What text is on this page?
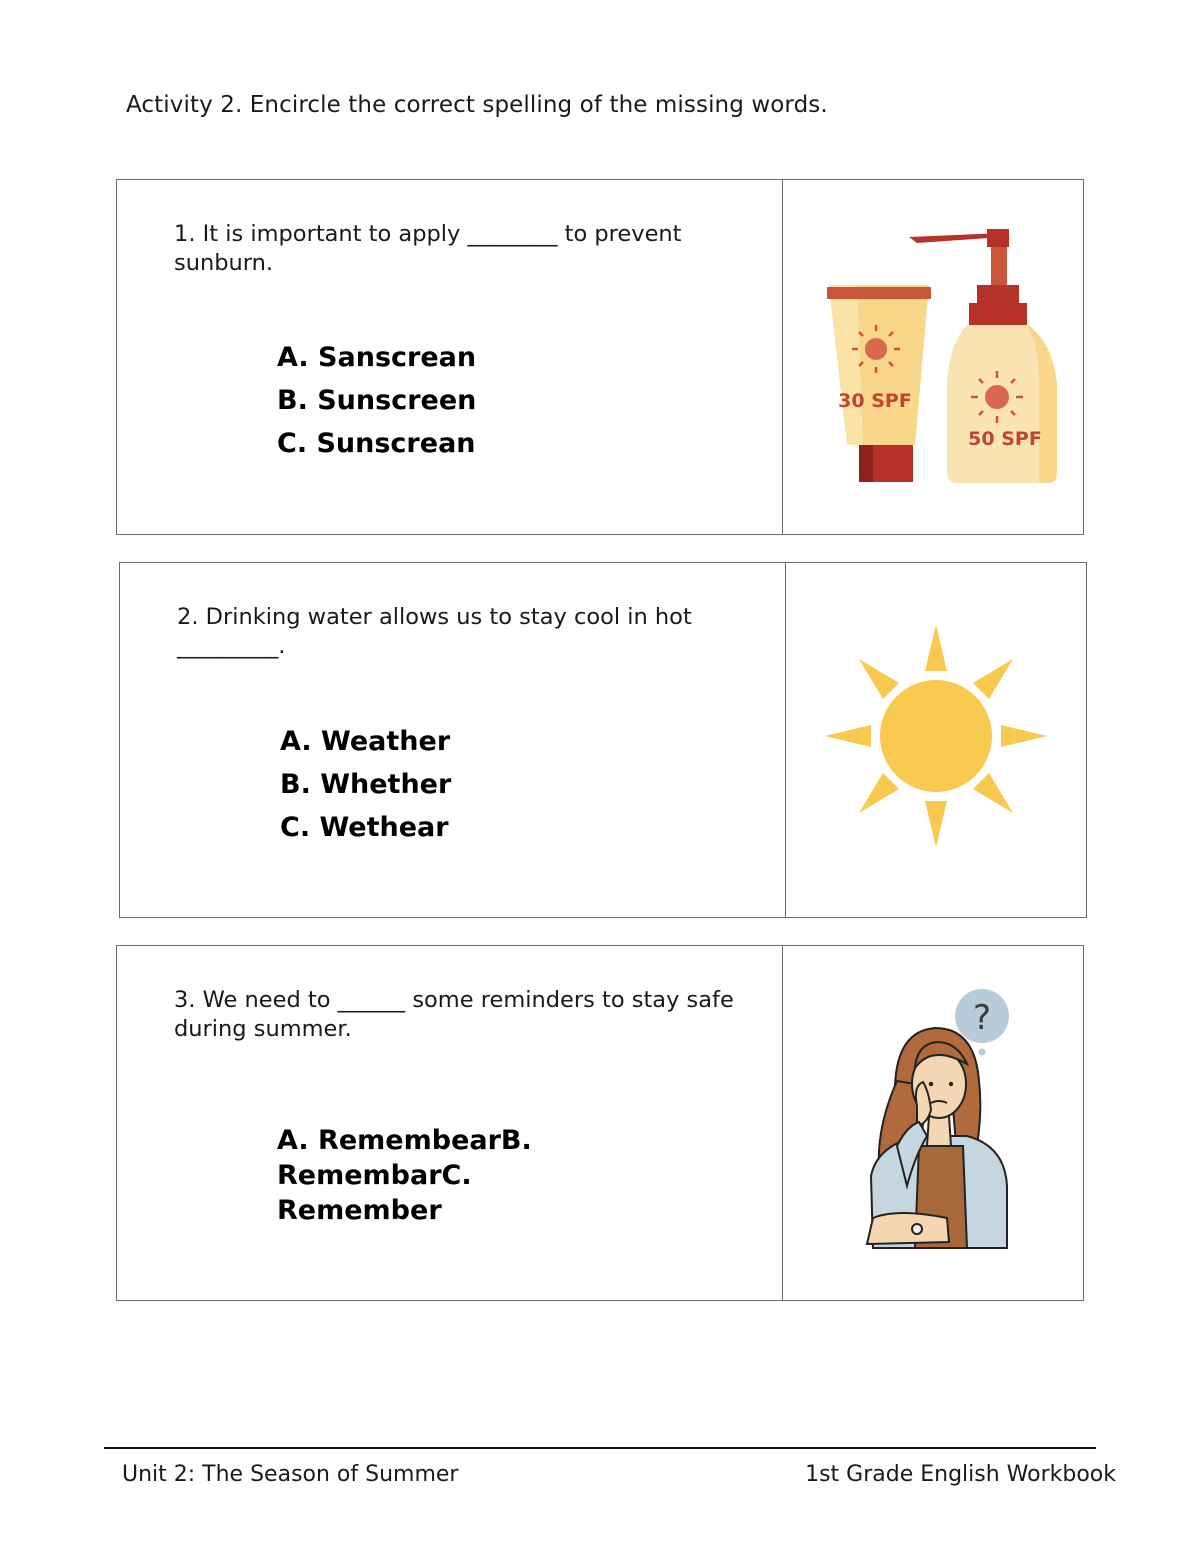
Activity 2. Encircle the correct spelling of the missing words.
1. It is important to apply ________ to prevent sunburn.
A. Sanscrean
B. Sunscreen
C. Sunscrean
30 SPF
50 SPF
2. Drinking water allows us to stay cool in hot _________.
A. Weather
B. Whether
C. Wethear
3. We need to ______ some reminders to stay safe during summer.
A. RemembearB. RemembarC. Remember
?
Unit 2: The Season of Summer	1st Grade English Workbook
